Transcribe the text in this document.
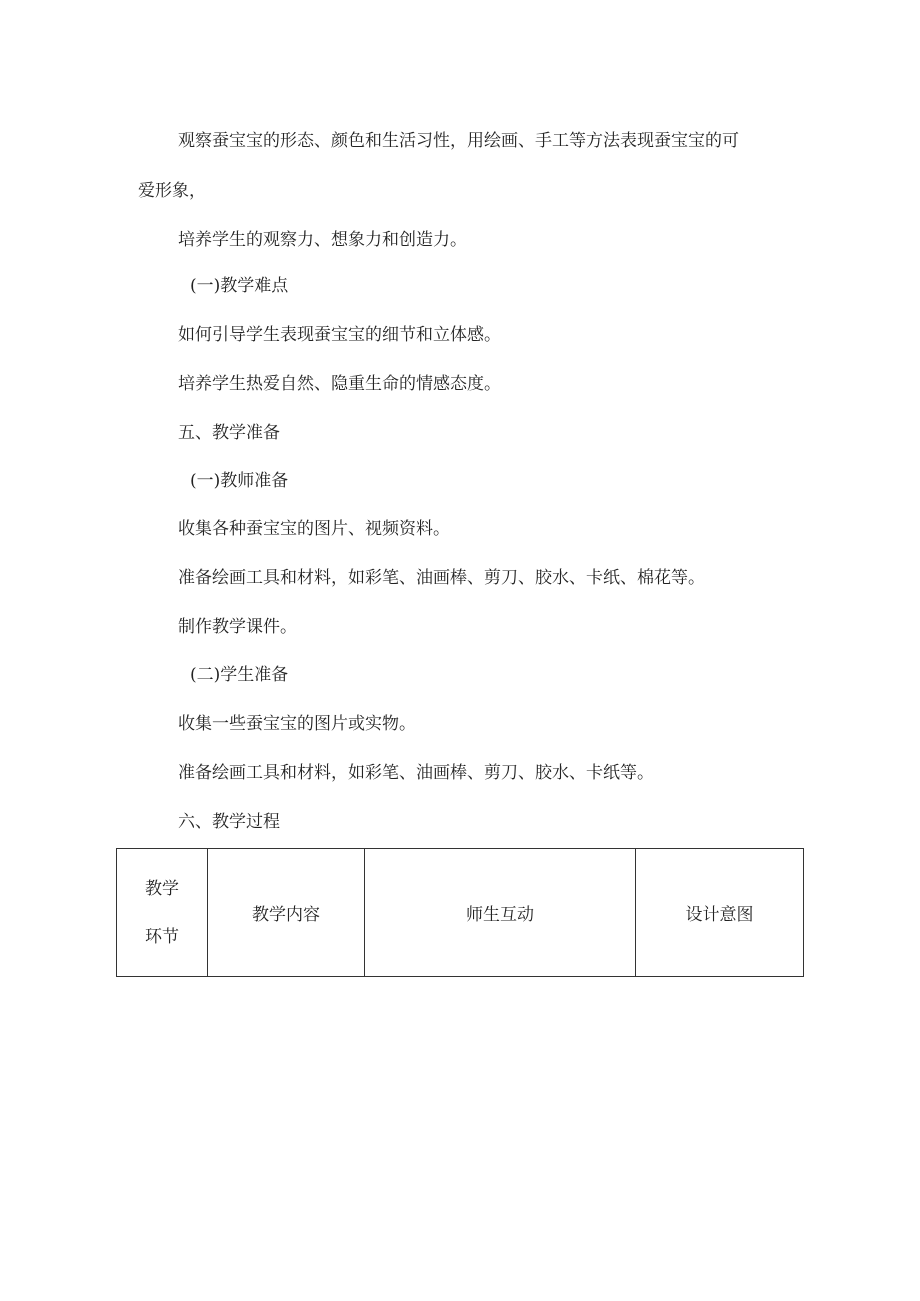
观察蚕宝宝的形态、颜色和生活习性，用绘画、手工等方法表现蚕宝宝的可
爱形象，
培养学生的观察力、想象力和创造力。
(一)教学难点
如何引导学生表现蚕宝宝的细节和立体感。
培养学生热爱自然、隐重生命的情感态度。
五、教学准备
(一)教师准备
收集各种蚕宝宝的图片、视频资料。
准备绘画工具和材料，如彩笔、油画棒、剪刀、胶水、卡纸、棉花等。
制作教学课件。
(二)学生准备
收集一些蚕宝宝的图片或实物。
准备绘画工具和材料，如彩笔、油画棒、剪刀、胶水、卡纸等。
六、教学过程
教学
环节
	教学内容	师生互动	设计意图
